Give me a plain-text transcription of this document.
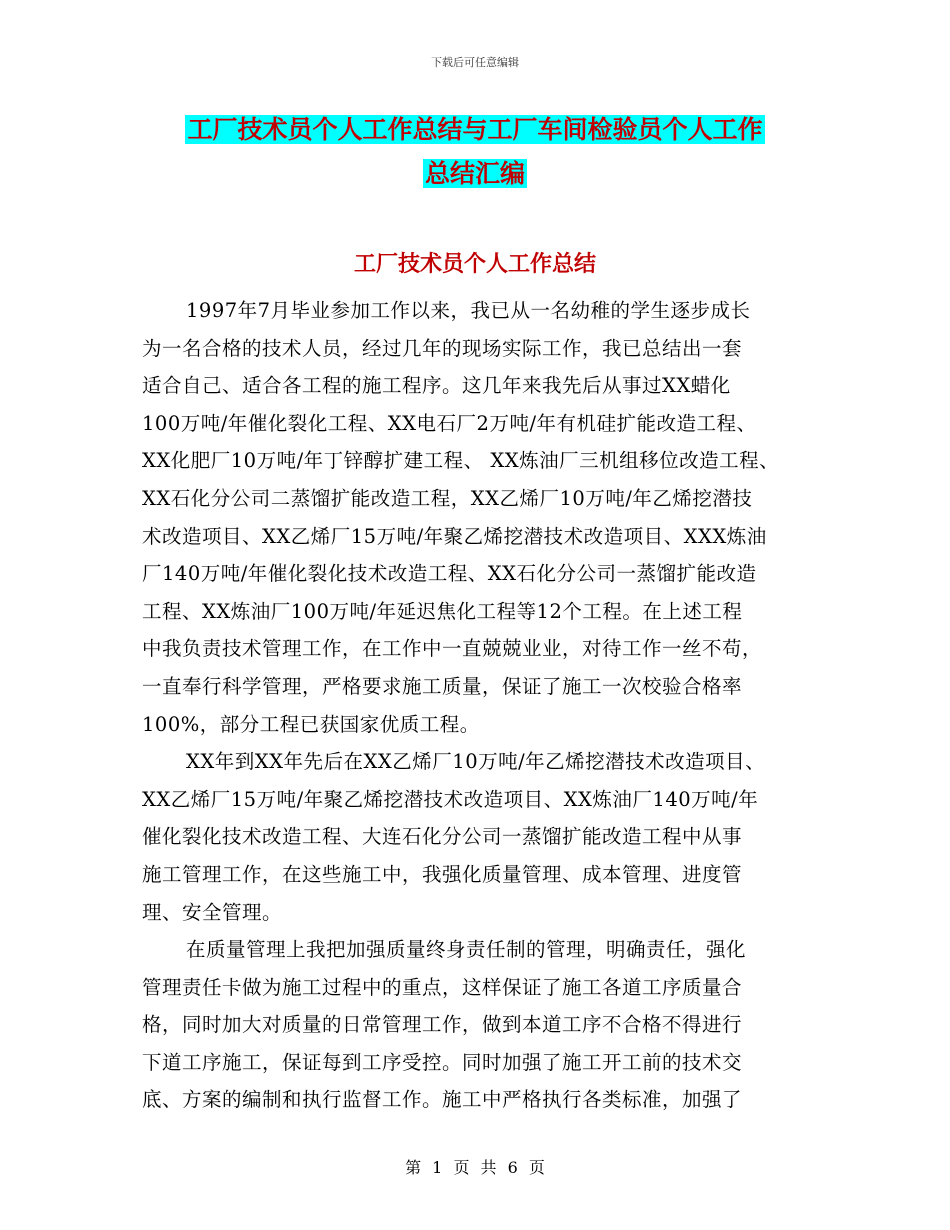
下载后可任意编辑
工厂技术员个人工作总结与工厂车间检验员个人工作
总结汇编
工厂技术员个人工作总结
1997年7月毕业参加工作以来，我已从一名幼稚的学生逐步成长
为一名合格的技术人员，经过几年的现场实际工作，我已总结出一套
适合自己、适合各工程的施工程序。这几年来我先后从事过XX蜡化
100万吨/年催化裂化工程、XX电石厂2万吨/年有机硅扩能改造工程、
XX化肥厂10万吨/年丁锌醇扩建工程、 XX炼油厂三机组移位改造工程、
XX石化分公司二蒸馏扩能改造工程，XX乙烯厂10万吨/年乙烯挖潜技
术改造项目、XX乙烯厂15万吨/年聚乙烯挖潜技术改造项目、XXX炼油
厂140万吨/年催化裂化技术改造工程、XX石化分公司一蒸馏扩能改造
工程、XX炼油厂100万吨/年延迟焦化工程等12个工程。在上述工程
中我负责技术管理工作，在工作中一直兢兢业业，对待工作一丝不苟，
一直奉行科学管理，严格要求施工质量，保证了施工一次校验合格率
100%，部分工程已获国家优质工程。
XX年到XX年先后在XX乙烯厂10万吨/年乙烯挖潜技术改造项目、
XX乙烯厂15万吨/年聚乙烯挖潜技术改造项目、XX炼油厂140万吨/年
催化裂化技术改造工程、大连石化分公司一蒸馏扩能改造工程中从事
施工管理工作，在这些施工中，我强化质量管理、成本管理、进度管
理、安全管理。
在质量管理上我把加强质量终身责任制的管理，明确责任，强化
管理责任卡做为施工过程中的重点，这样保证了施工各道工序质量合
格，同时加大对质量的日常管理工作，做到本道工序不合格不得进行
下道工序施工，保证每到工序受控。同时加强了施工开工前的技术交
底、方案的编制和执行监督工作。施工中严格执行各类标准，加强了
第 1 页 共 6 页
